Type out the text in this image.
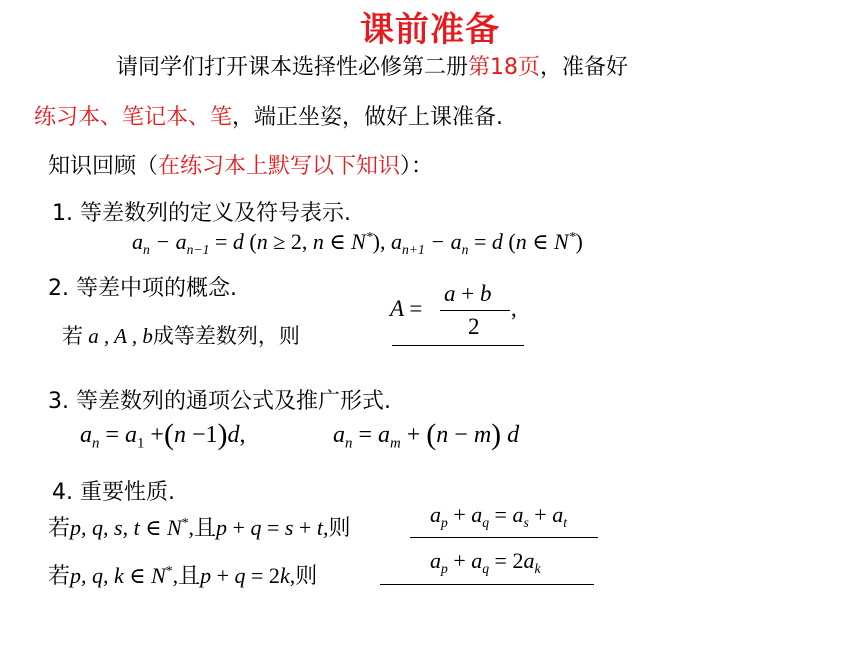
课前准备
请同学们打开课本选择性必修第二册第18页，准备好
练习本、笔记本、笔，端正坐姿，做好上课准备.
知识回顾（在练习本上默写以下知识）：
1. 等差数列的定义及符号表示.
$a_n - a_{n-1} = d$ (n ≥ 2, n ∈ N*), $a_{n+1} - a_n = d$ (n ∈ N*)
2. 等差中项的概念.
若 a , A , b成等差数列，则
A =
a + b
2
,
3. 等差数列的通项公式及推广形式.
$a_n = a_1 +(n -1)d$,	$a_n = a_m + (n - m)$ d
4. 重要性质.
若p, q, s, t ∈ N*,且p + q = s + t,则
$a_p + a_q = a_s + a_t$
若p, q, k ∈ N*,且p + q = 2k,则
$a_p + a_q = 2a_k$
